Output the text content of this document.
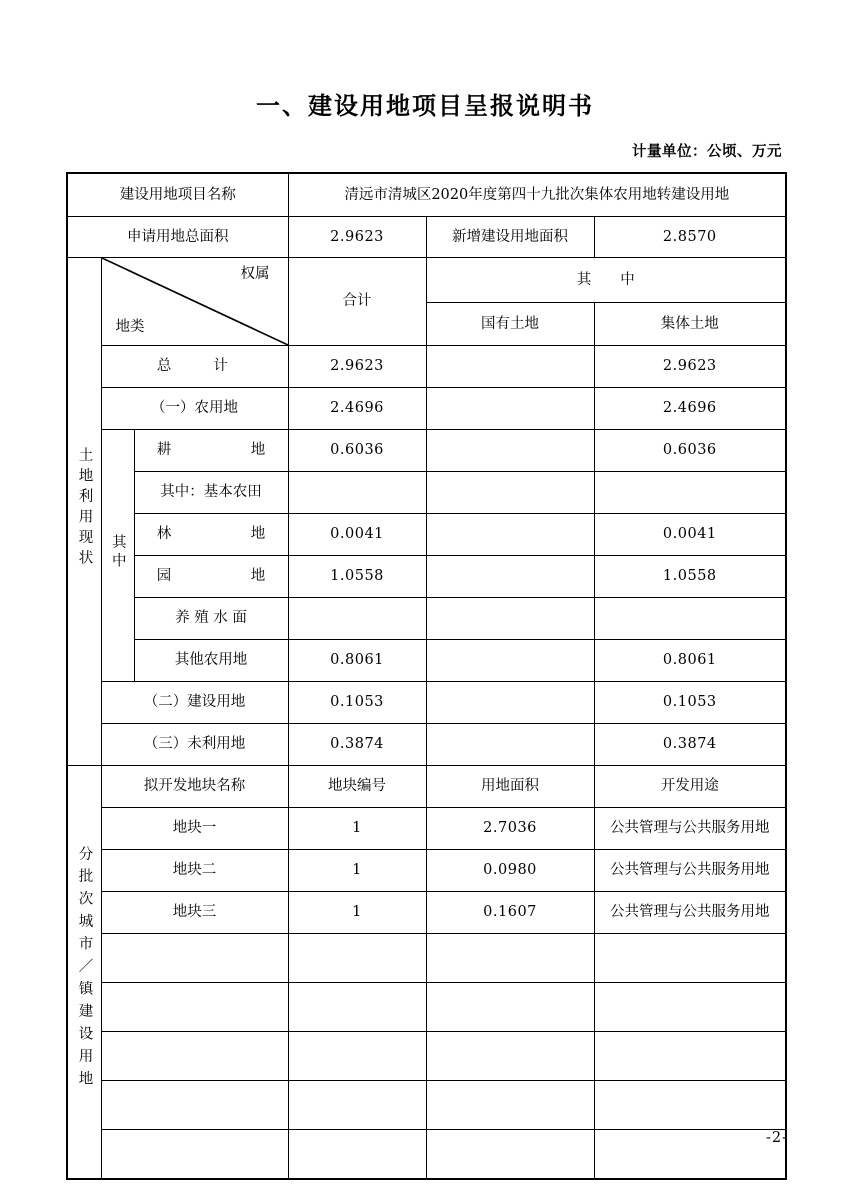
一、建设用地项目呈报说明书
计量单位：公顷、万元
建设用地项目名称			清远市清城区2020年度第四十九批次集体农用地转建设用地		
申请用地总面积			2.9623	新增建设用地面积	2.8570
土地利用现状	权属
地类		合计	其　　中	
				国有土地	集体土地
	总　　计		2.9623		2.9623
	（一）农用地		2.4696		2.4696
	其中	耕　　　地	0.6036		0.6036
		其中：基本农田			
		林　　　地	0.0041		0.0041
		园　　　地	1.0558		1.0558
		养 殖 水 面			
		其他农用地	0.8061		0.8061
	（二）建设用地		0.1053		0.1053
	（三）未利用地		0.3874		0.3874
分批次城市／镇建设用地	拟开发地块名称		地块编号	用地面积	开发用途
	地块一		1	2.7036	公共管理与公共服务用地
	地块二		1	0.0980	公共管理与公共服务用地
	地块三		1	0.1607	公共管理与公共服务用地

-2-
